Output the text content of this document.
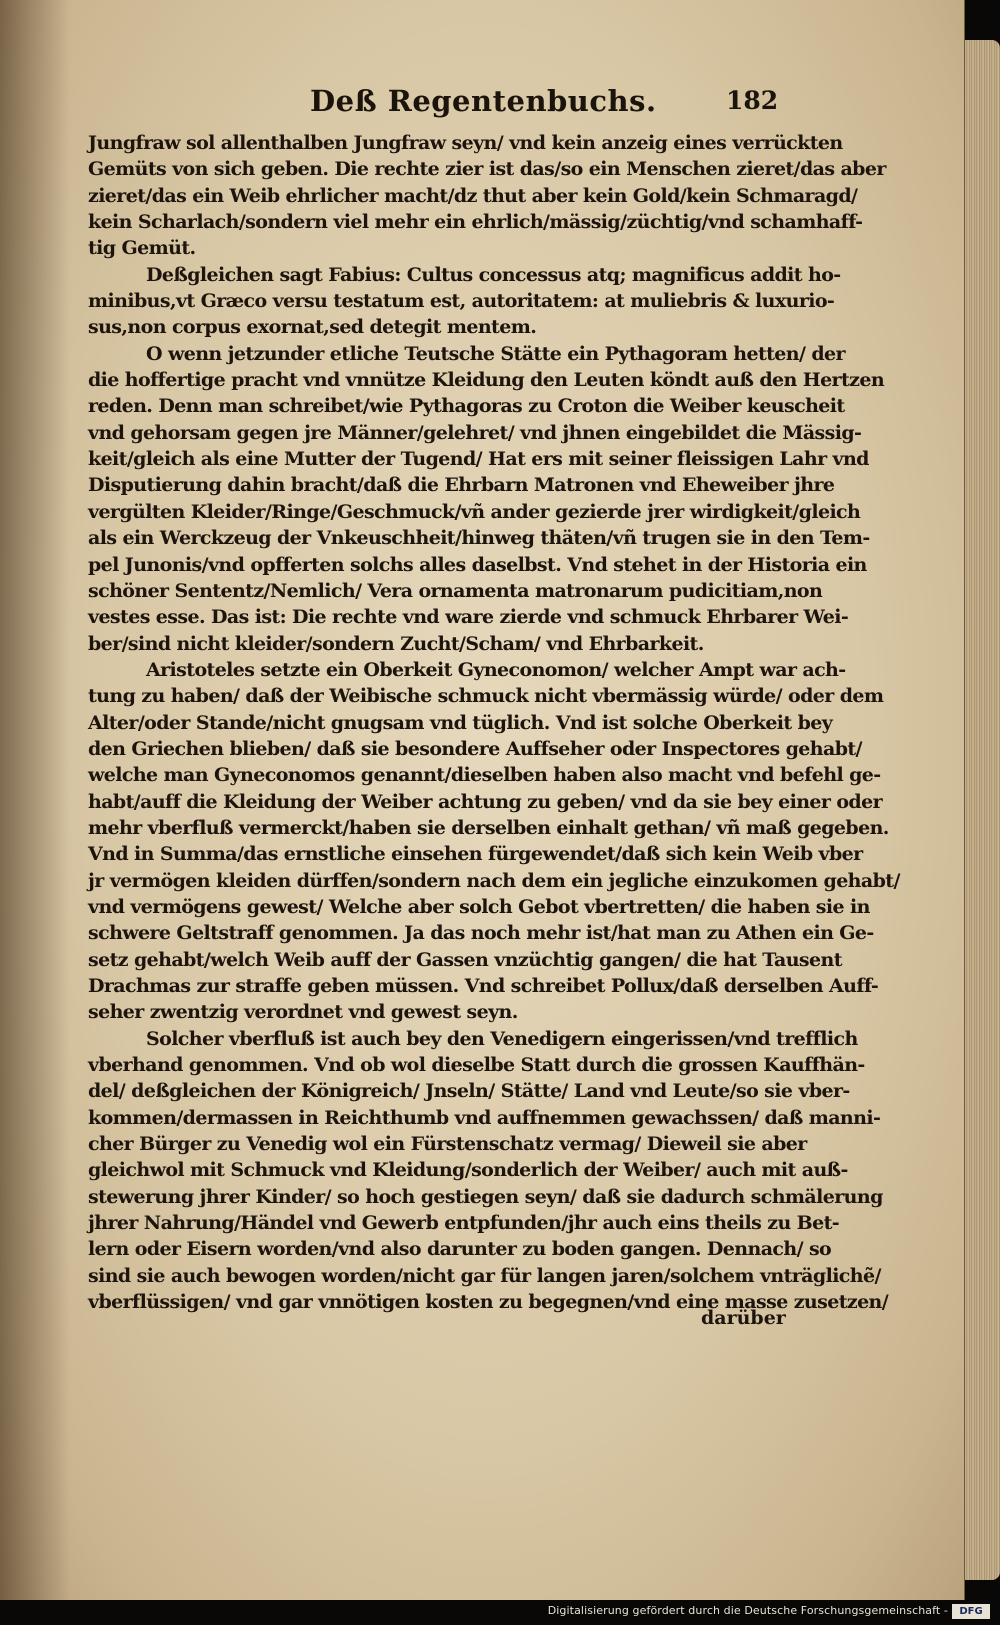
Deß Regentenbuchs.	182
Jungfraw sol allenthalben Jungfraw seyn/ vnd kein anzeig eines verrückten
Gemüts von sich geben. Die rechte zier ist das/so ein Menschen zieret/das aber
zieret/das ein Weib ehrlicher macht/dz thut aber kein Gold/kein Schmaragd/
kein Scharlach/sondern viel mehr ein ehrlich/mässig/züchtig/vnd schamhaff-
tig Gemüt.
Deßgleichen sagt Fabius: Cultus concessus atq; magnificus addit ho-
minibus,vt Græco versu testatum est, autoritatem: at muliebris & luxurio-
sus,non corpus exornat,sed detegit mentem.
O wenn jetzunder etliche Teutsche Stätte ein Pythagoram hetten/ der
die hoffertige pracht vnd vnnütze Kleidung den Leuten köndt auß den Hertzen
reden. Denn man schreibet/wie Pythagoras zu Croton die Weiber keuscheit
vnd gehorsam gegen jre Männer/gelehret/ vnd jhnen eingebildet die Mässig-
keit/gleich als eine Mutter der Tugend/ Hat ers mit seiner fleissigen Lahr vnd
Disputierung dahin bracht/daß die Ehrbarn Matronen vnd Eheweiber jhre
vergülten Kleider/Ringe/Geschmuck/vñ ander gezierde jrer wirdigkeit/gleich
als ein Werckzeug der Vnkeuschheit/hinweg thäten/vñ trugen sie in den Tem-
pel Junonis/vnd opfferten solchs alles daselbst. Vnd stehet in der Historia ein
schöner Sententz/Nemlich/ Vera ornamenta matronarum pudicitiam,non
vestes esse. Das ist: Die rechte vnd ware zierde vnd schmuck Ehrbarer Wei-
ber/sind nicht kleider/sondern Zucht/Scham/ vnd Ehrbarkeit.
Aristoteles setzte ein Oberkeit Gyneconomon/ welcher Ampt war ach-
tung zu haben/ daß der Weibische schmuck nicht vbermässig würde/ oder dem
Alter/oder Stande/nicht gnugsam vnd tüglich. Vnd ist solche Oberkeit bey
den Griechen blieben/ daß sie besondere Auffseher oder Inspectores gehabt/
welche man Gyneconomos genannt/dieselben haben also macht vnd befehl ge-
habt/auff die Kleidung der Weiber achtung zu geben/ vnd da sie bey einer oder
mehr vberfluß vermerckt/haben sie derselben einhalt gethan/ vñ maß gegeben.
Vnd in Summa/das ernstliche einsehen fürgewendet/daß sich kein Weib vber
jr vermögen kleiden dürffen/sondern nach dem ein jegliche einzukomen gehabt/
vnd vermögens gewest/ Welche aber solch Gebot vbertretten/ die haben sie in
schwere Geltstraff genommen. Ja das noch mehr ist/hat man zu Athen ein Ge-
setz gehabt/welch Weib auff der Gassen vnzüchtig gangen/ die hat Tausent
Drachmas zur straffe geben müssen. Vnd schreibet Pollux/daß derselben Auff-
seher zwentzig verordnet vnd gewest seyn.
Solcher vberfluß ist auch bey den Venedigern eingerissen/vnd trefflich
vberhand genommen. Vnd ob wol dieselbe Statt durch die grossen Kauffhän-
del/ deßgleichen der Königreich/ Jnseln/ Stätte/ Land vnd Leute/so sie vber-
kommen/dermassen in Reichthumb vnd auffnemmen gewachssen/ daß manni-
cher Bürger zu Venedig wol ein Fürstenschatz vermag/ Dieweil sie aber
gleichwol mit Schmuck vnd Kleidung/sonderlich der Weiber/ auch mit auß-
stewerung jhrer Kinder/ so hoch gestiegen seyn/ daß sie dadurch schmälerung
jhrer Nahrung/Händel vnd Gewerb entpfunden/jhr auch eins theils zu Bet-
lern oder Eisern worden/vnd also darunter zu boden gangen. Dennach/ so
sind sie auch bewogen worden/nicht gar für langen jaren/solchem vnträglichẽ/
vberflüssigen/ vnd gar vnnötigen kosten zu begegnen/vnd eine masse zusetzen/
darüber
Digitalisierung gefördert durch die Deutsche Forschungsgemeinschaft -	DFG
